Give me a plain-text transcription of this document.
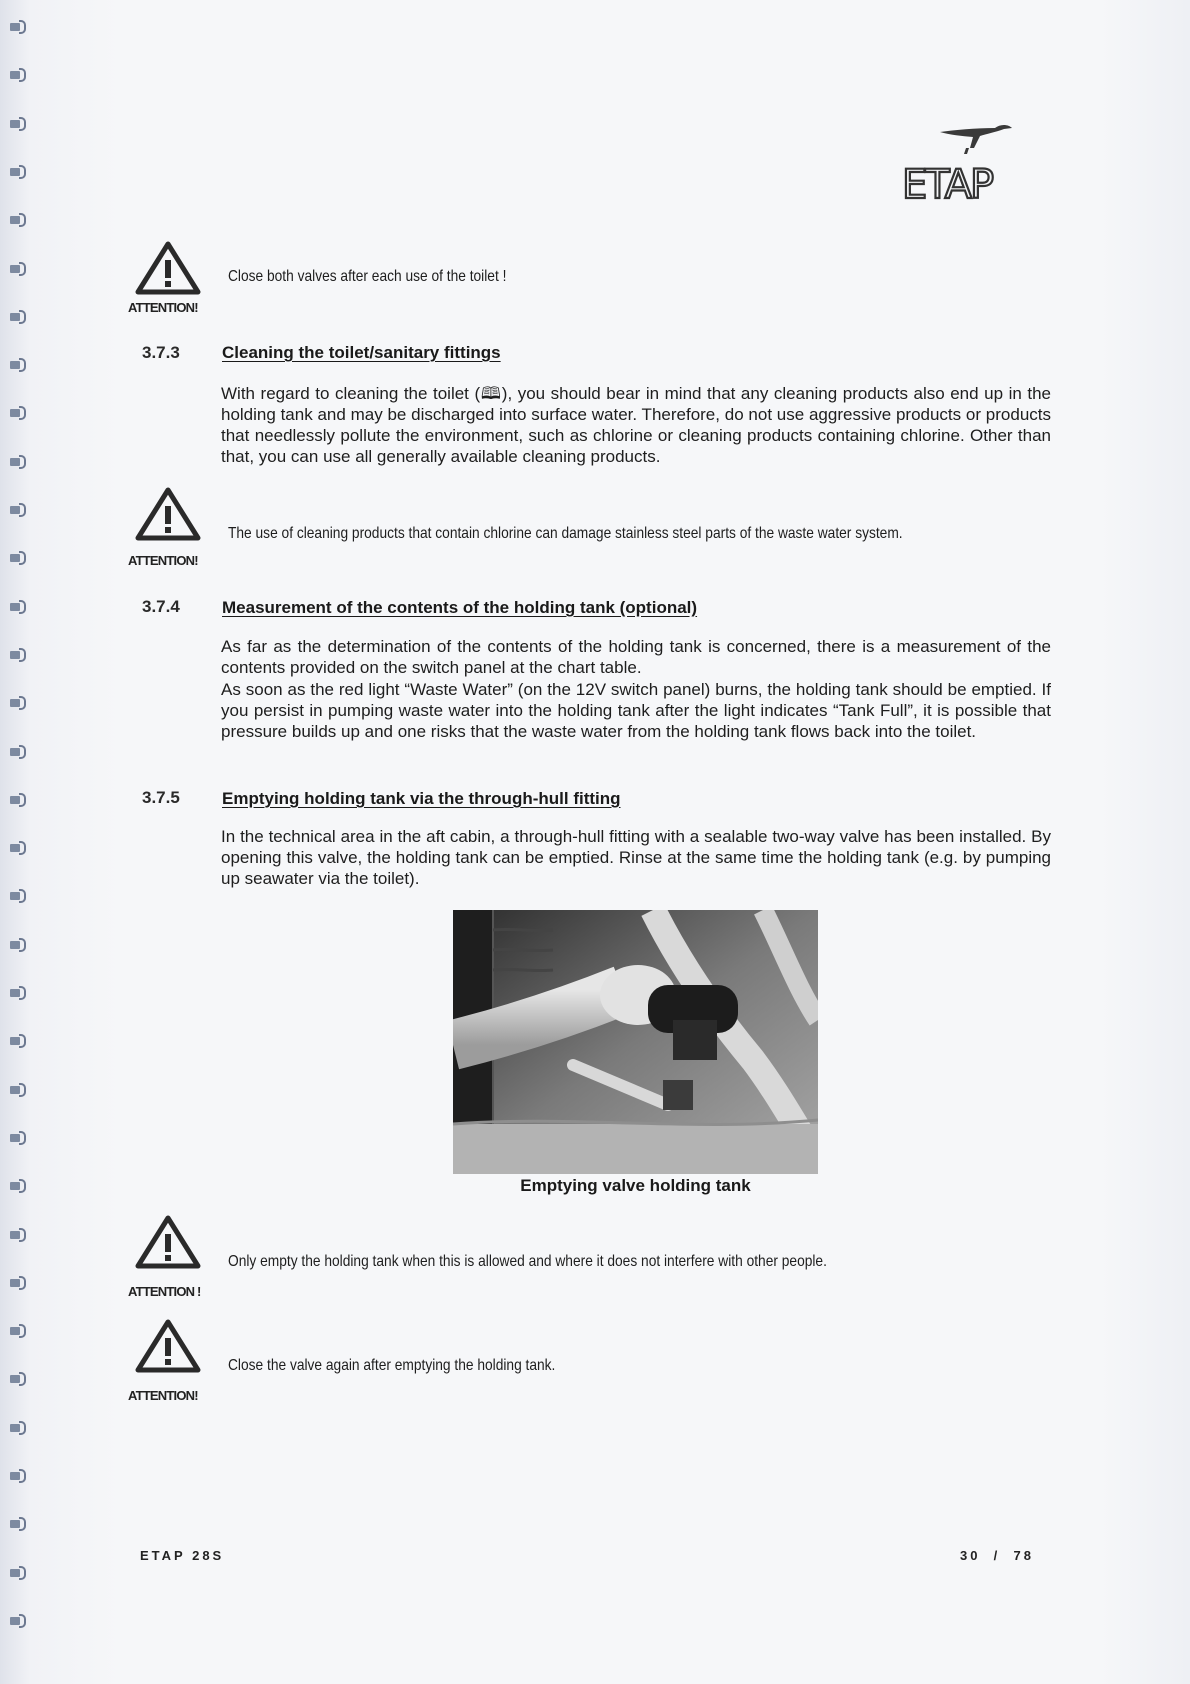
ETAP
ATTENTION!
Close both valves after each use of the toilet !
3.7.3 Cleaning the toilet/sanitary fittings

With regard to cleaning the toilet (🕮), you should bear in mind that any cleaning products also end up in the holding tank and may be discharged into surface water. Therefore, do not use aggressive products or products that needlessly pollute the environment, such as chlorine or cleaning products containing chlorine. Other than that, you can use all generally available cleaning products.

ATTENTION!
The use of cleaning products that contain chlorine can damage stainless steel parts of the waste water system.
3.7.4 Measurement of the contents of the holding tank (optional)

As far as the determination of the contents of the holding tank is concerned, there is a measurement of the contents provided on the switch panel at the chart table.

As soon as the red light “Waste Water” (on the 12V switch panel) burns, the holding tank should be emptied. If you persist in pumping waste water into the holding tank after the light indicates “Tank Full”, it is possible that pressure builds up and one risks that the waste water from the holding tank flows back into the toilet.

3.7.5 Emptying holding tank via the through-hull fitting

In the technical area in the aft cabin, a through-hull fitting with a sealable two-way valve has been installed. By opening this valve, the holding tank can be emptied. Rinse at the same time the holding tank (e.g. by pumping up seawater via the toilet).

Emptying valve holding tank
ATTENTION !
Only empty the holding tank when this is allowed and where it does not interfere with other people.
ATTENTION!
Close the valve again after emptying the holding tank.
ETAP 28S	30  /  78
